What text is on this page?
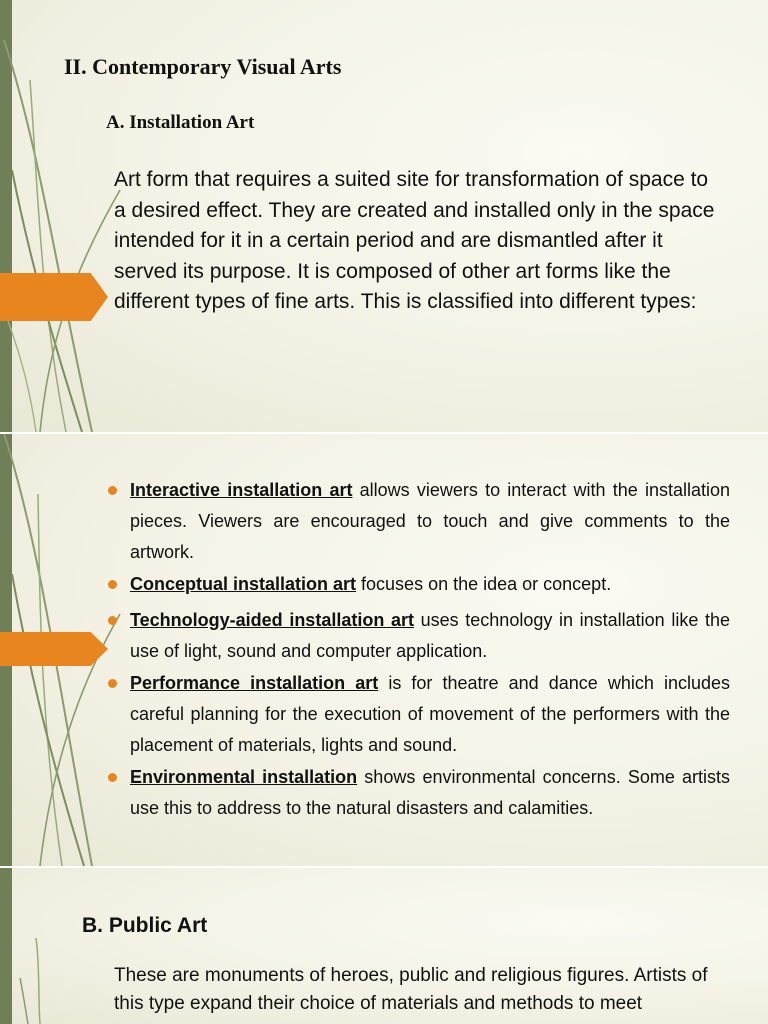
II. Contemporary Visual Arts
A. Installation Art

Art form that requires a suited site for transformation of space to a desired effect. They are created and installed only in the space intended for it in a certain period and are dismantled after it served its purpose. It is composed of other art forms like the different types of fine arts. This is classified into different types:

Interactive installation art allows viewers to interact with the installation pieces. Viewers are encouraged to touch and give comments to the artwork.
Conceptual installation art focuses on the idea or concept.
Technology-aided installation art uses technology in installation like the use of light, sound and computer application.
Performance installation art is for theatre and dance which includes careful planning for the execution of movement of the performers with the placement of materials, lights and sound.
Environmental installation shows environmental concerns. Some artists use this to address to the natural disasters and calamities.
B. Public Art

These are monuments of heroes, public and religious figures. Artists of this type expand their choice of materials and methods to meet
